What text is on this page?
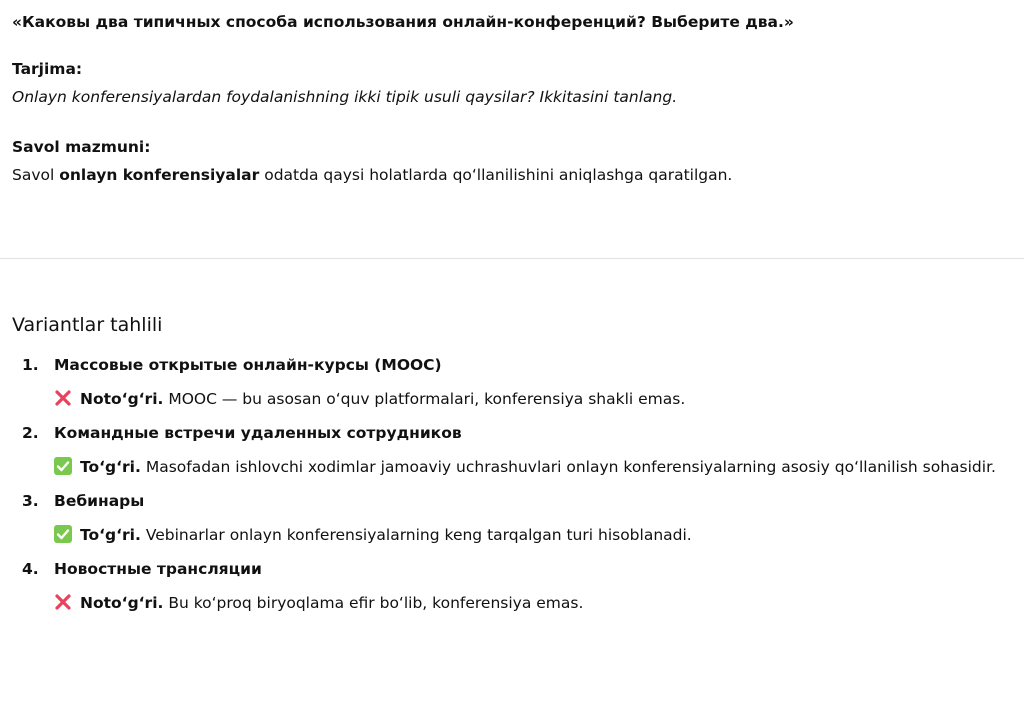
«Каковы два типичных способа использования онлайн-конференций? Выберите два.»

Tarjima:

Onlayn konferensiyalardan foydalanishning ikki tipik usuli qaysilar? Ikkitasini tanlang.

Savol mazmuni:

Savol onlayn konferensiyalar odatda qaysi holatlarda qoʻllanilishini aniqlashga qaratilgan.

Variantlar tahlili
1. Массовые открытые онлайн-курсы (MOOC)
Notoʻgʻri. MOOC — bu asosan oʻquv platformalari, konferensiya shakli emas.
2. Командные встречи удаленных сотрудников
Toʻgʻri. Masofadan ishlovchi xodimlar jamoaviy uchrashuvlari onlayn konferensiyalarning asosiy qoʻllanilish sohasidir.
3. Вебинары
Toʻgʻri. Vebinarlar onlayn konferensiyalarning keng tarqalgan turi hisoblanadi.
4. Новостные трансляции
Notoʻgʻri. Bu koʻproq biryoqlama efir boʻlib, konferensiya emas.
